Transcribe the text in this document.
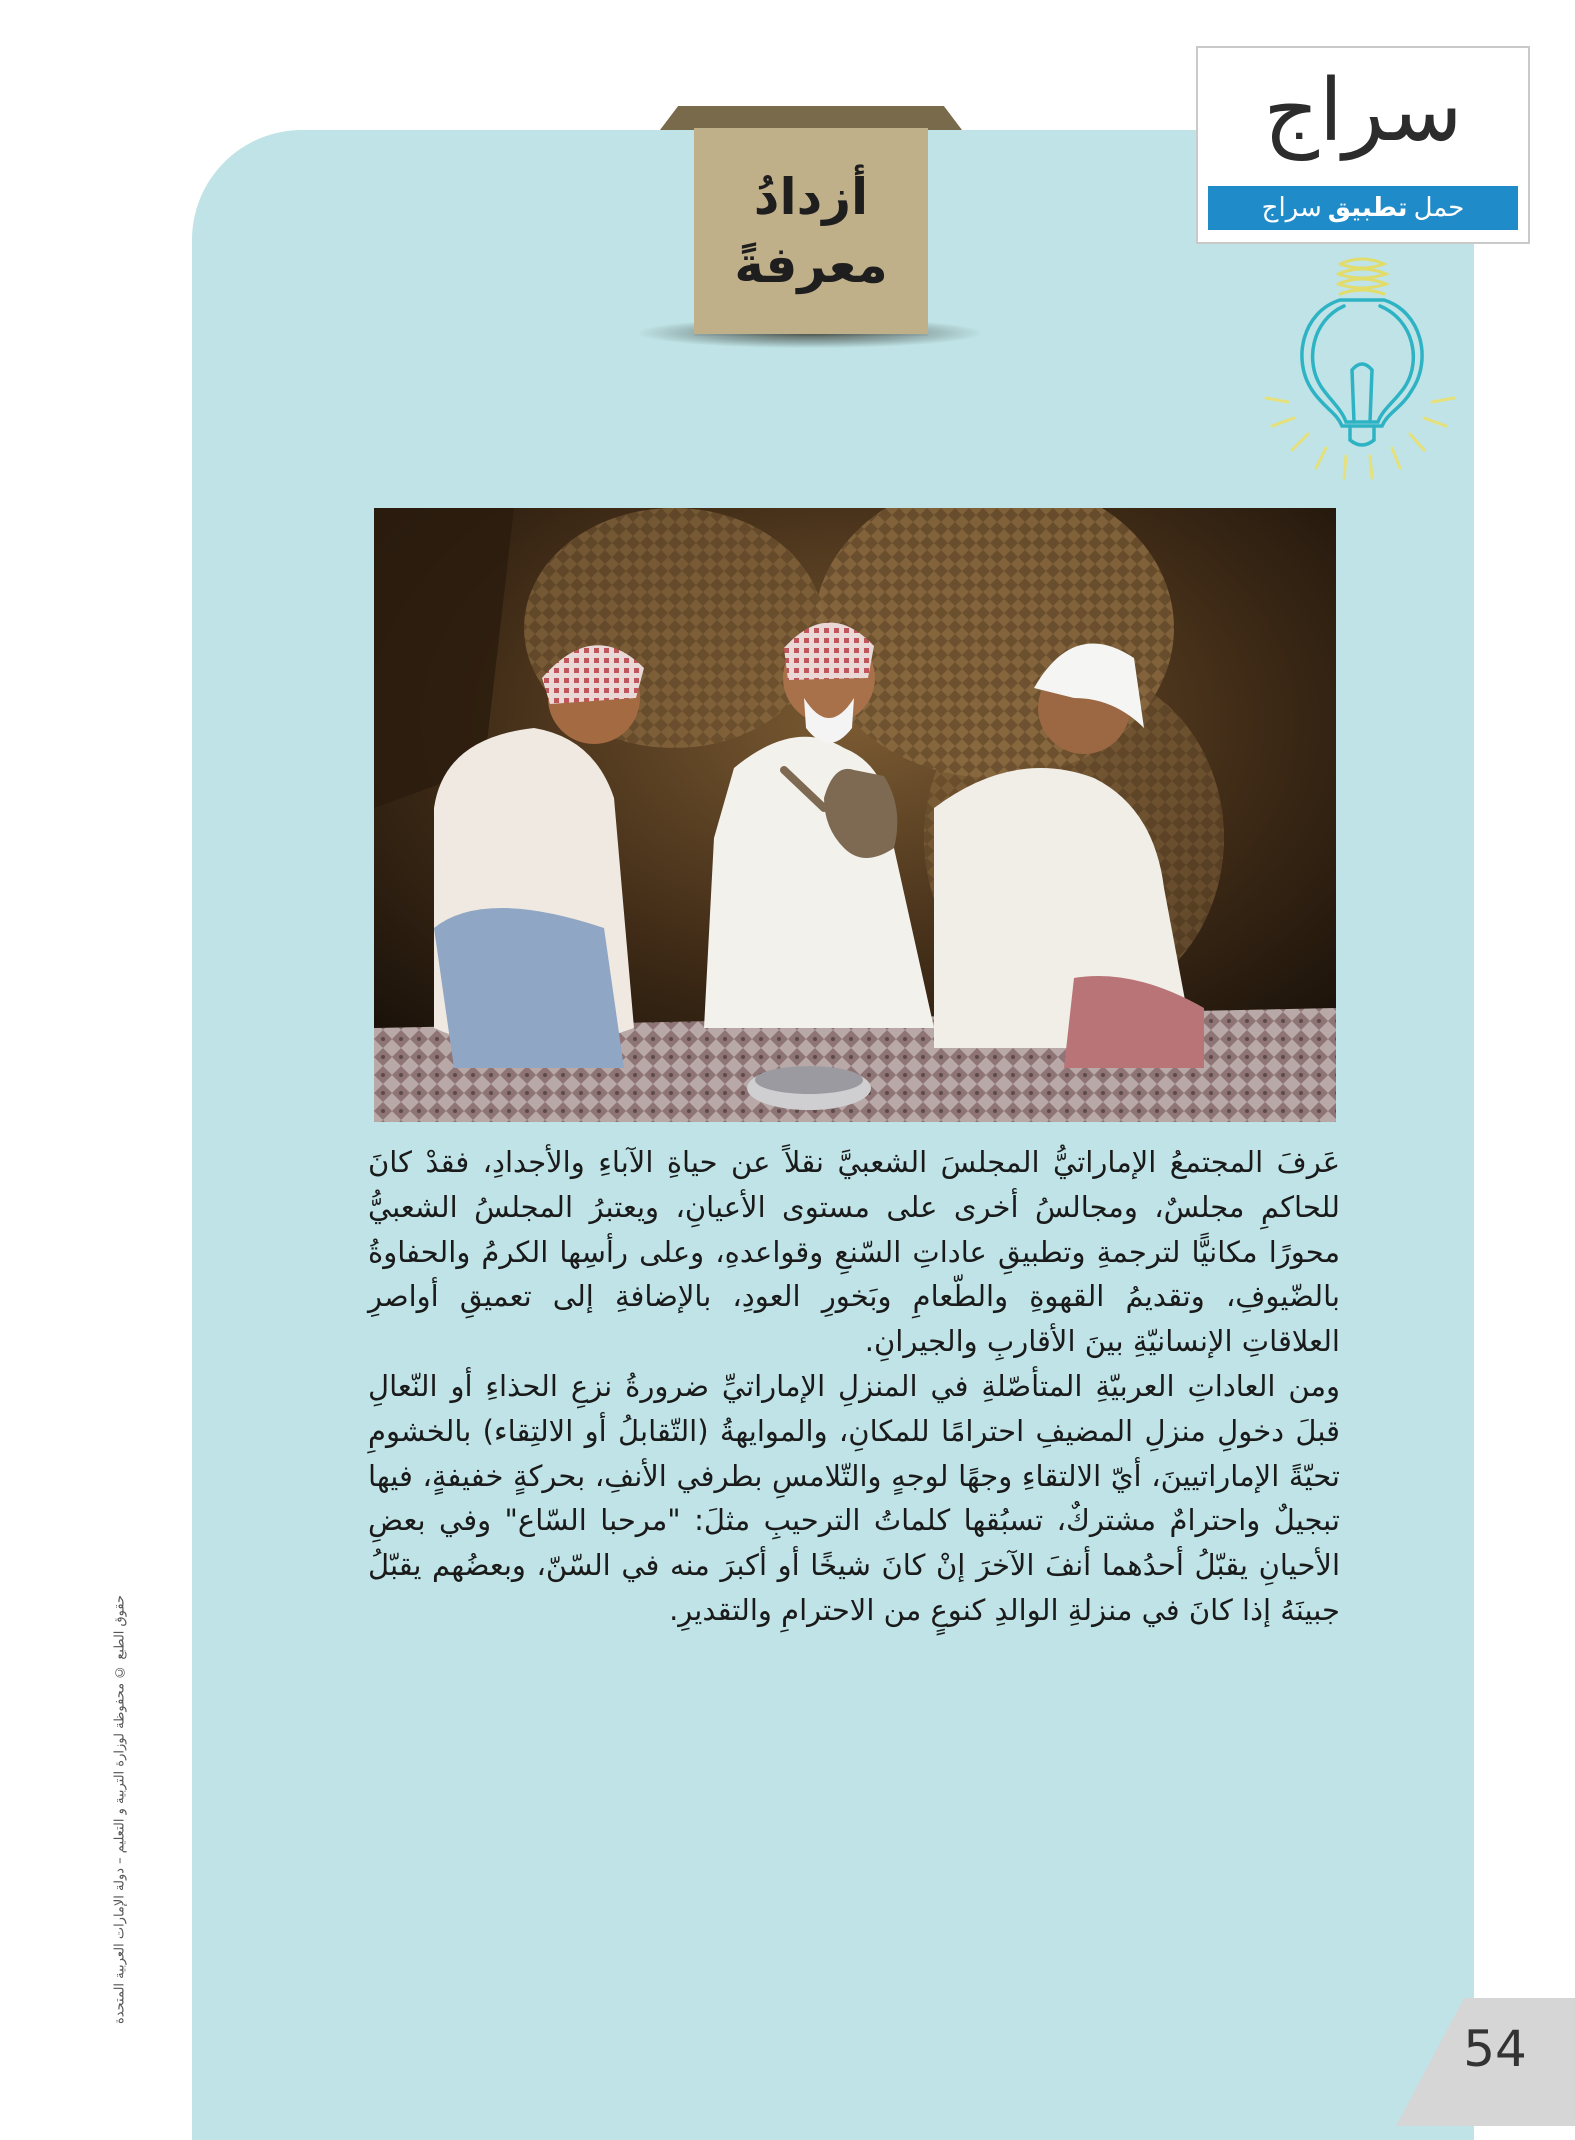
أزدادُ
معرفةً
سراج
حمل
تطبيق
سراج

عَرفَ المجتمعُ الإماراتيُّ المجلسَ الشعبيَّ نقلاً عن حياةِ الآباءِ والأجدادِ، فقدْ كانَ للحاكمِ مجلسٌ، ومجالسُ أخرى على مستوى الأعيانِ، ويعتبرُ المجلسُ الشعبيُّ محورًا مكانيًّا لترجمةِ وتطبيقِ عاداتِ السّنعِ وقواعدهِ، وعلى رأسِها الكرمُ والحفاوةُ بالضّيوفِ، وتقديمُ القهوةِ والطّعامِ وبَخورِ العودِ، بالإضافةِ إلى تعميقِ أواصرِ العلاقاتِ الإنسانيّةِ بينَ الأقاربِ والجيرانِ.

ومن العاداتِ العربيّةِ المتأصّلةِ في المنزلِ الإماراتيِّ ضرورةُ نزعِ الحذاءِ أو النّعالِ قبلَ دخولِ منزلِ المضيفِ احترامًا للمكانِ، والموايهةُ (التّقابلُ أو الالتِقاء) بالخشومِ تحيّةً الإماراتيينَ، أيّ الالتقاءِ وجهًا لوجهٍ والتّلامسِ بطرفي الأنفِ، بحركةٍ خفيفةٍ، فيها تبجيلٌ واحترامٌ مشتركٌ، تسبُقها كلماتُ الترحيبِ مثلَ: "مرحبا السّاع" وفي بعضِ الأحيانِ يقبّلُ أحدُهما أنفَ الآخرَ إنْ كانَ شيخًا أو أكبرَ منه في السّنّ، وبعضُهم يقبّلُ جبينَهُ إذا كانَ في منزلةِ الوالدِ كنوعٍ من الاحترامِ والتقديرِ.

حقوق الطبع © محفوظة لوزارة التربية و التعليم – دولة الإمارات العربية المتحدة
54
